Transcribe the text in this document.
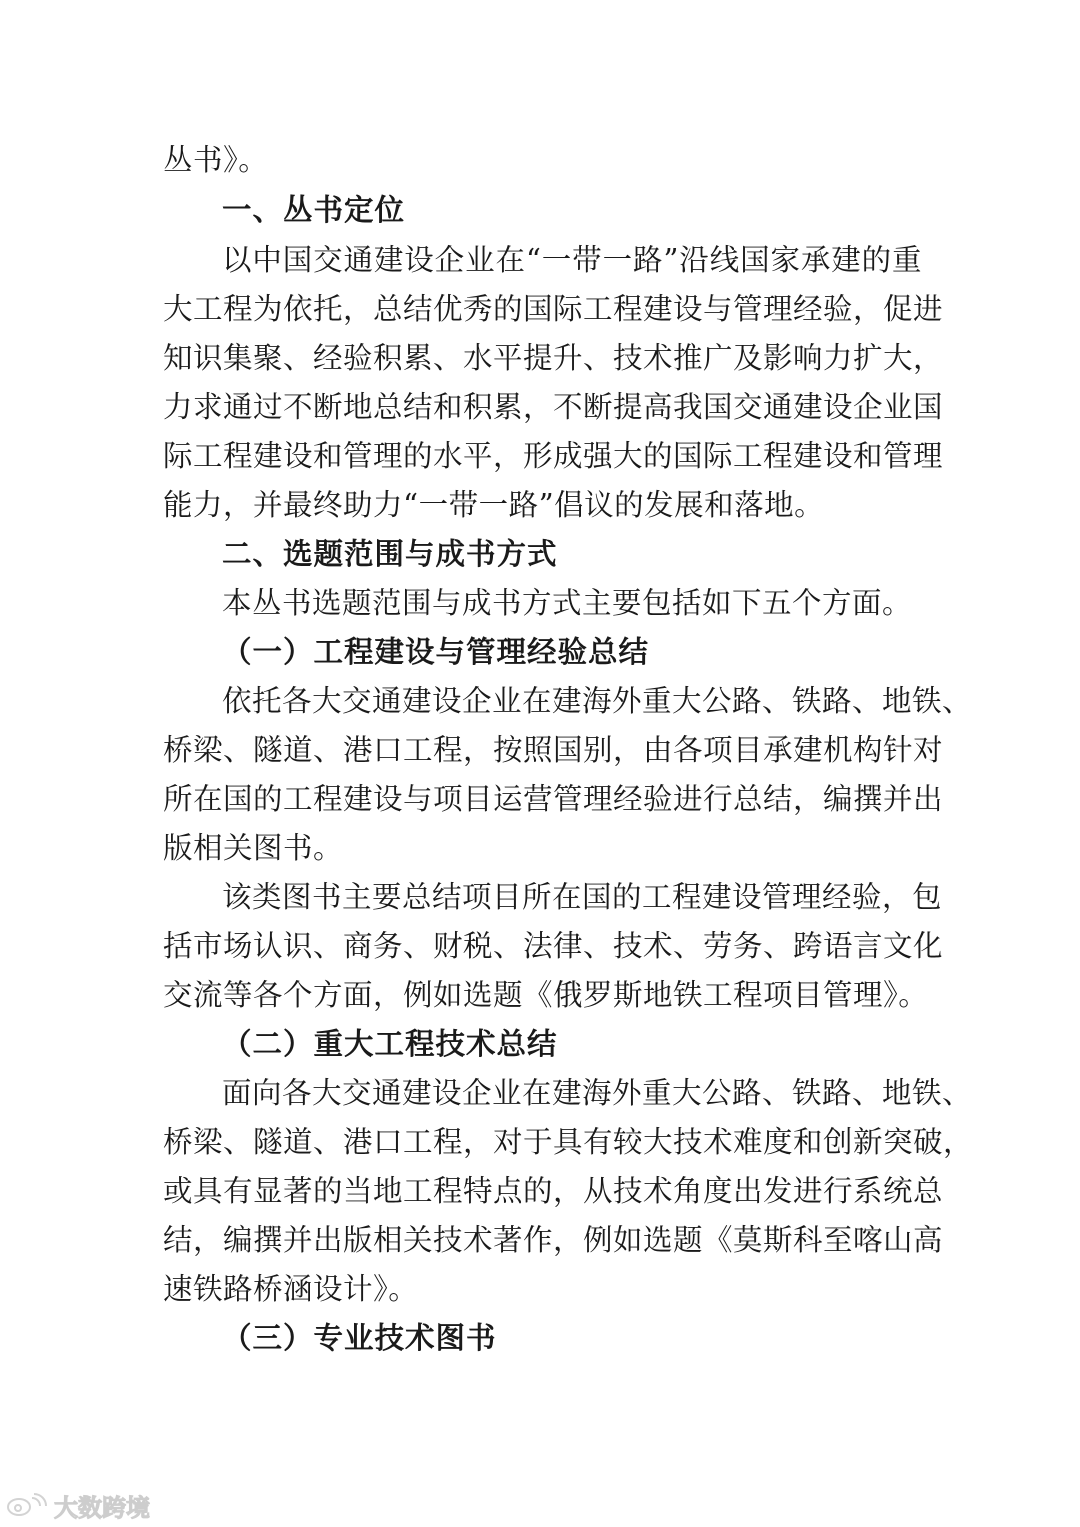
丛书》。
一、丛书定位
以中国交通建设企业在“一带一路”沿线国家承建的重
大工程为依托，总结优秀的国际工程建设与管理经验，促进
知识集聚、经验积累、水平提升、技术推广及影响力扩大，
力求通过不断地总结和积累，不断提高我国交通建设企业国
际工程建设和管理的水平，形成强大的国际工程建设和管理
能力，并最终助力“一带一路”倡议的发展和落地。
二、选题范围与成书方式
本丛书选题范围与成书方式主要包括如下五个方面。
（一）工程建设与管理经验总结
依托各大交通建设企业在建海外重大公路、铁路、地铁、
桥梁、隧道、港口工程，按照国别，由各项目承建机构针对
所在国的工程建设与项目运营管理经验进行总结，编撰并出
版相关图书。
该类图书主要总结项目所在国的工程建设管理经验，包
括市场认识、商务、财税、法律、技术、劳务、跨语言文化
交流等各个方面，例如选题《俄罗斯地铁工程项目管理》。
（二）重大工程技术总结
面向各大交通建设企业在建海外重大公路、铁路、地铁、
桥梁、隧道、港口工程，对于具有较大技术难度和创新突破，
或具有显著的当地工程特点的，从技术角度出发进行系统总
结，编撰并出版相关技术著作，例如选题《莫斯科至喀山高
速铁路桥涵设计》。
（三）专业技术图书
大数跨境
